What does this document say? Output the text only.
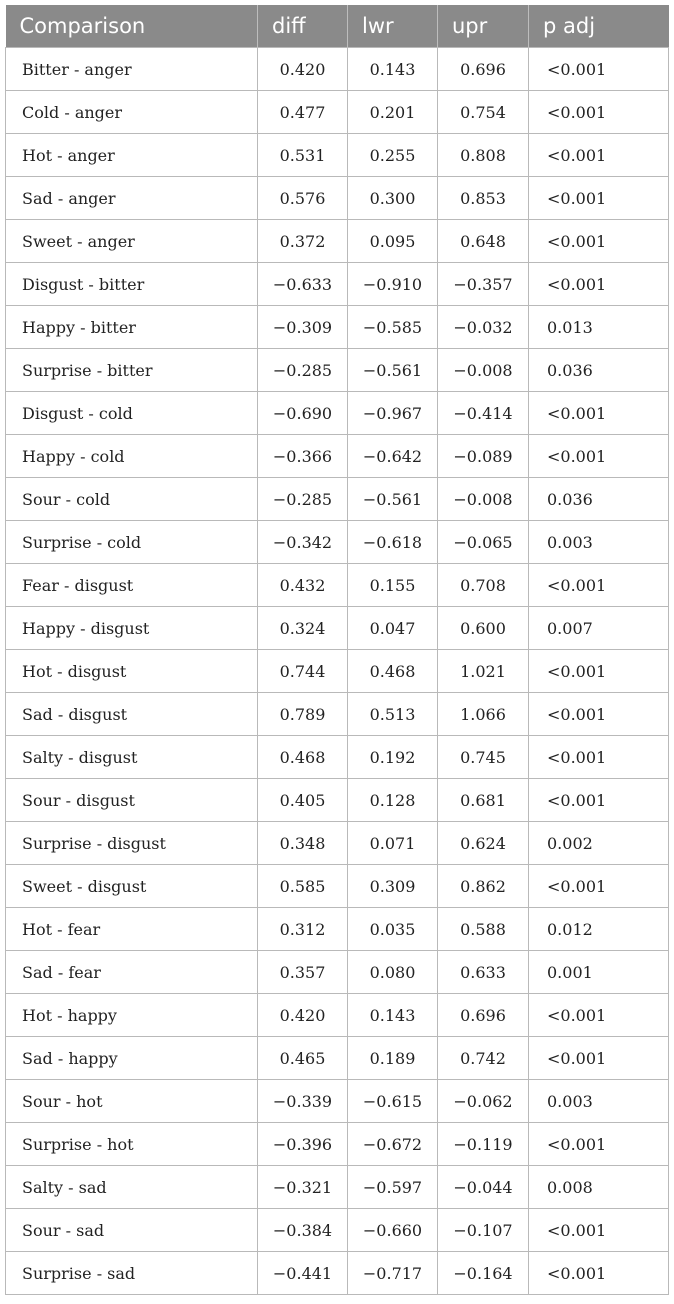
Comparison	diff	lwr	upr	p adj
Bitter - anger	0.420	0.143	0.696	<0.001
Cold - anger	0.477	0.201	0.754	<0.001
Hot - anger	0.531	0.255	0.808	<0.001
Sad - anger	0.576	0.300	0.853	<0.001
Sweet - anger	0.372	0.095	0.648	<0.001
Disgust - bitter	−0.633	−0.910	−0.357	<0.001
Happy - bitter	−0.309	−0.585	−0.032	0.013
Surprise - bitter	−0.285	−0.561	−0.008	0.036
Disgust - cold	−0.690	−0.967	−0.414	<0.001
Happy - cold	−0.366	−0.642	−0.089	<0.001
Sour - cold	−0.285	−0.561	−0.008	0.036
Surprise - cold	−0.342	−0.618	−0.065	0.003
Fear - disgust	0.432	0.155	0.708	<0.001
Happy - disgust	0.324	0.047	0.600	0.007
Hot - disgust	0.744	0.468	1.021	<0.001
Sad - disgust	0.789	0.513	1.066	<0.001
Salty - disgust	0.468	0.192	0.745	<0.001
Sour - disgust	0.405	0.128	0.681	<0.001
Surprise - disgust	0.348	0.071	0.624	0.002
Sweet - disgust	0.585	0.309	0.862	<0.001
Hot - fear	0.312	0.035	0.588	0.012
Sad - fear	0.357	0.080	0.633	0.001
Hot - happy	0.420	0.143	0.696	<0.001
Sad - happy	0.465	0.189	0.742	<0.001
Sour - hot	−0.339	−0.615	−0.062	0.003
Surprise - hot	−0.396	−0.672	−0.119	<0.001
Salty - sad	−0.321	−0.597	−0.044	0.008
Sour - sad	−0.384	−0.660	−0.107	<0.001
Surprise - sad	−0.441	−0.717	−0.164	<0.001
